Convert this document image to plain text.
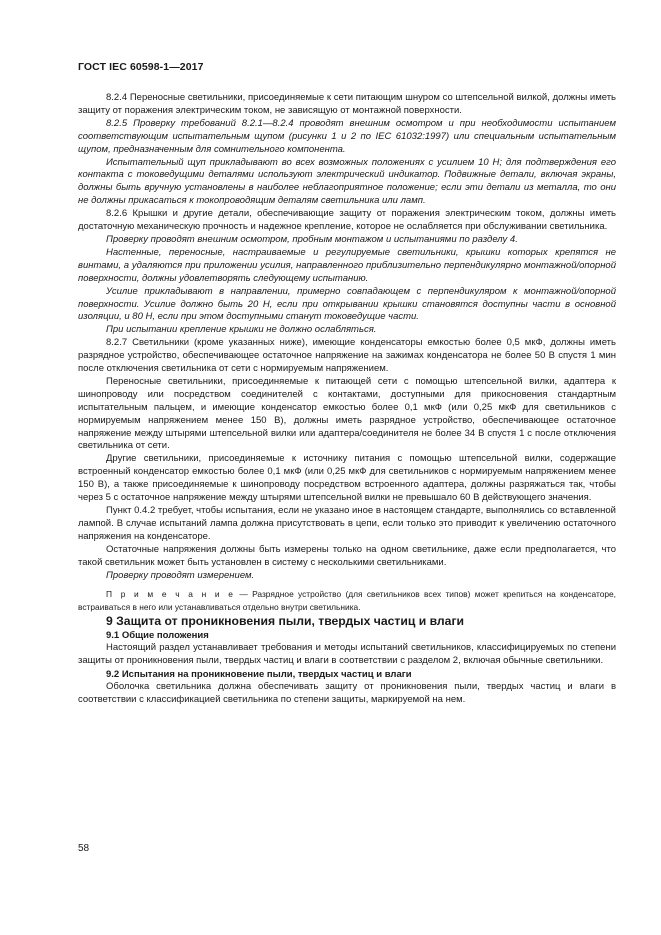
ГОСТ IEC 60598-1—2017

8.2.4 Переносные светильники, присоединяемые к сети питающим шнуром со штепсельной вилкой, должны иметь защиту от поражения электрическим током, не зависящую от монтажной поверхности.

8.2.5 Проверку требований 8.2.1—8.2.4 проводят внешним осмотром и при необходимости испытанием соответствующим испытательным щупом (рисунки 1 и 2 по IEC 61032:1997) или специальным испытательным щупом, предназначенным для сомнительного компонента.

Испытательный щуп прикладывают во всех возможных положениях с усилием 10 Н; для подтверждения его контакта с токоведущими деталями используют электрический индикатор. Подвижные детали, включая экраны, должны быть вручную установлены в наиболее неблагоприятное положение; если эти детали из металла, то они не должны прикасаться к токопроводящим деталям светильника или ламп.

8.2.6 Крышки и другие детали, обеспечивающие защиту от поражения электрическим током, должны иметь достаточную механическую прочность и надежное крепление, которое не ослабляется при обслуживании светильника.

Проверку проводят внешним осмотром, пробным монтажом и испытаниями по разделу 4.

Настенные, переносные, настраиваемые и регулируемые светильники, крышки которых крепятся не винтами, а удаляются при приложении усилия, направленного приблизительно перпендикулярно монтажной/опорной поверхности, должны удовлетворять следующему испытанию.

Усилие прикладывают в направлении, примерно совпадающем с перпендикуляром к монтажной/опорной поверхности. Усилие должно быть 20 Н, если при открывании крышки становятся доступны части в основной изоляции, и 80 Н, если при этом доступными станут токоведущие части.

При испытании крепление крышки не должно ослабляться.

8.2.7 Светильники (кроме указанных ниже), имеющие конденсаторы емкостью более 0,5 мкФ, должны иметь разрядное устройство, обеспечивающее остаточное напряжение на зажимах конденсатора не более 50 В спустя 1 мин после отключения светильника от сети с нормируемым напряжением.

Переносные светильники, присоединяемые к питающей сети с помощью штепсельной вилки, адаптера к шинопроводу или посредством соединителей с контактами, доступными для прикосновения стандартным испытательным пальцем, и имеющие конденсатор емкостью более 0,1 мкФ (или 0,25 мкФ для светильников с нормируемым напряжением менее 150 В), должны иметь разрядное устройство, обеспечивающее остаточное напряжение между штырями штепсельной вилки или адаптера/соединителя не более 34 В спустя 1 с после отключения светильника от сети.

Другие светильники, присоединяемые к источнику питания с помощью штепсельной вилки, содержащие встроенный конденсатор емкостью более 0,1 мкФ (или 0,25 мкФ для светильников с нормируемым напряжением менее 150 В), а также присоединяемые к шинопроводу посредством встроенного адаптера, должны разряжаться так, чтобы через 5 с остаточное напряжение между штырями штепсельной вилки не превышало 60 В действующего значения.

Пункт 0.4.2 требует, чтобы испытания, если не указано иное в настоящем стандарте, выполнялись со вставленной лампой. В случае испытаний лампа должна присутствовать в цепи, если только это приводит к увеличению остаточного напряжения на конденсаторе.

Остаточные напряжения должны быть измерены только на одном светильнике, даже если предполагается, что такой светильник может быть установлен в систему с несколькими светильниками.

Проверку проводят измерением.

П р и м е ч а н и е — Разрядное устройство (для светильников всех типов) может крепиться на конденсаторе, встраиваться в него или устанавливаться отдельно внутри светильника.

9 Защита от проникновения пыли, твердых частиц и влаги

9.1 Общие положения

Настоящий раздел устанавливает требования и методы испытаний светильников, классифицируемых по степени защиты от проникновения пыли, твердых частиц и влаги в соответствии с разделом 2, включая обычные светильники.

9.2 Испытания на проникновение пыли, твердых частиц и влаги

Оболочка светильника должна обеспечивать защиту от проникновения пыли, твердых частиц и влаги в соответствии с классификацией светильника по степени защиты, маркируемой на нем.

58
